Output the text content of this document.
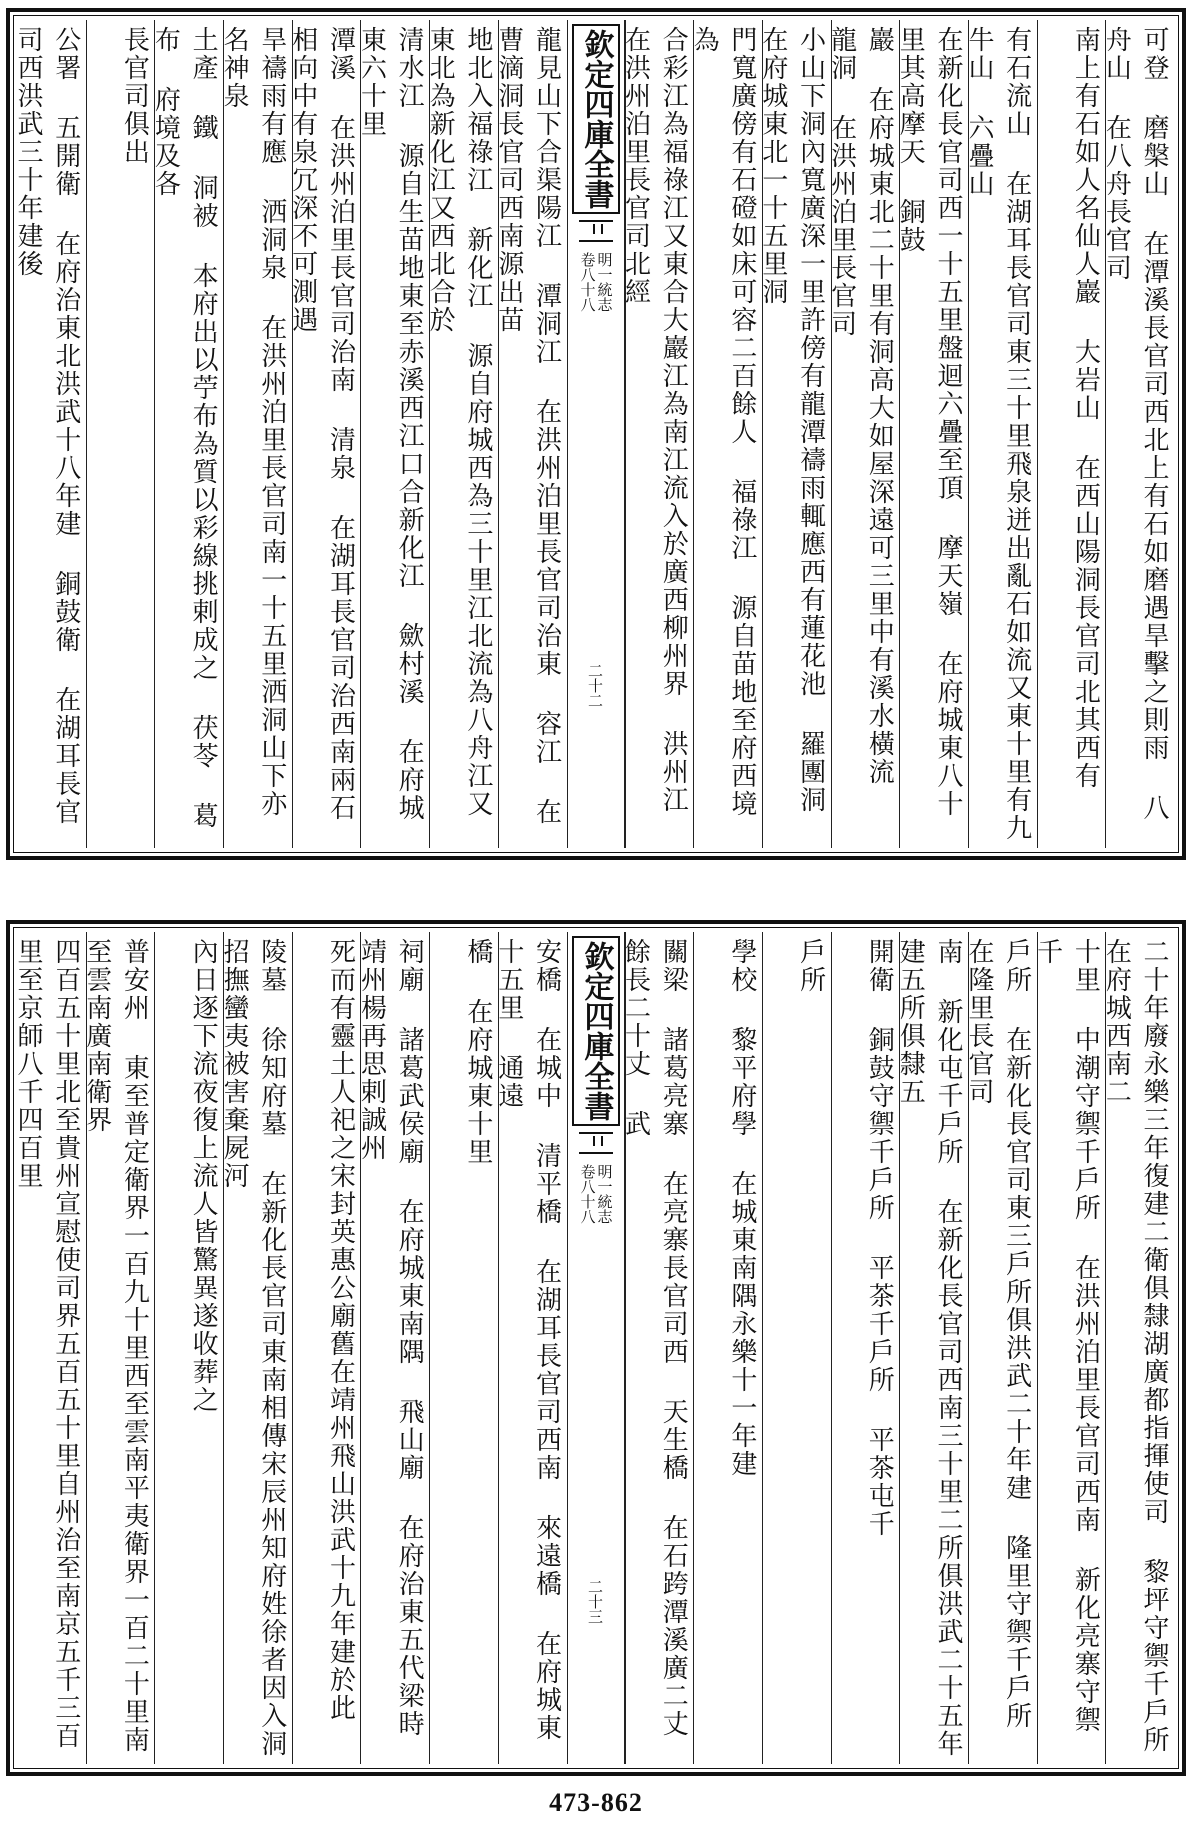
可登 磨槃山 在潭溪長官司西北上有石如磨遇旱擊之則雨 八舟山 在八舟長官司
南上有石如人名仙人巖 大岩山 在西山陽洞長官司北其西有
有石流山 在湖耳長官司東三十里飛泉迸出亂石如流又東十里有九牛山 六疊山
在新化長官司西一十五里盤迴六疊至頂 摩天嶺 在府城東八十里其高摩天 銅鼓
巖 在府城東北二十里有洞高大如屋深遠可三里中有溪水橫流 龍洞 在洪州泊里長官司
小山下洞內寬廣深一里許傍有龍潭禱雨輒應西有蓮花池 羅團洞 在府城東北一十五里洞
門寬廣傍有石磴如床可容二百餘人 福祿江 源自苗地至府西境為
合彩江為福祿江又東合大巖江為南江流入於廣西柳州界 洪州江 在洪州泊里長官司北經
欽定四庫全書
明一統志
卷八十八
二十二
龍見山下合渠陽江 潭洞江 在洪州泊里長官司治東 容江 在曹滴洞長官司西南源出苗
地北入福祿江 新化江 源自府城西為三十里江北流為八舟江又東北為新化江又西北合於
清水江 源自生苗地東至赤溪西江口合新化江 歛村溪 在府城東六十里
潭溪 在洪州泊里長官司治南 清泉 在湖耳長官司治西南兩石相向中有泉冗深不可測遇
旱禱雨有應 洒洞泉 在洪州泊里長官司南一十五里洒洞山下亦名神泉
土產 鐵 洞被 本府出以苧布為質以彩線挑剌成之 茯苓 葛布 府境及各
長官司俱出
公署 五開衛 在府治東北洪武十八年建 銅鼓衛 在湖耳長官司西洪武三十年建後
二十年廢永樂三年復建二衛俱隸湖廣都指揮使司 黎坪守禦千戶所 在府城西南二
十里 中潮守禦千戶所 在洪州泊里長官司西南 新化亮寨守禦千
戶所 在新化長官司東三戶所俱洪武二十年建 隆里守禦千戶所 在隆里長官司
南 新化屯千戶所 在新化長官司西南三十里二所俱洪武二十五年建五所俱隸五
開衛 銅鼓守禦千戶所 平茶千戶所 平茶屯千
戶所
學校 黎平府學 在城東南隅永樂十一年建
關梁 諸葛亮寨 在亮寨長官司西 天生橋 在石跨潭溪廣二丈餘長二十丈 武
欽定四庫全書
明一統志
卷八十八
二十三
安橋 在城中 清平橋 在湖耳長官司西南 來遠橋 在府城東十五里 通遠
橋 在府城東十里
祠廟 諸葛武侯廟 在府城東南隅 飛山廟 在府治東五代梁時靖州楊再思剌誠州
死而有靈土人祀之宋封英惠公廟舊在靖州飛山洪武十九年建於此
陵墓 徐知府墓 在新化長官司東南相傳宋辰州知府姓徐者因入洞招撫蠻夷被害棄屍河
內日逐下流夜復上流人皆驚異遂收葬之
普安州 東至普定衛界一百九十里西至雲南平夷衛界一百二十里南至雲南廣南衛界
四百五十里北至貴州宣慰使司界五百五十里自州治至南京五千三百里至京師八千四百里
473-862
